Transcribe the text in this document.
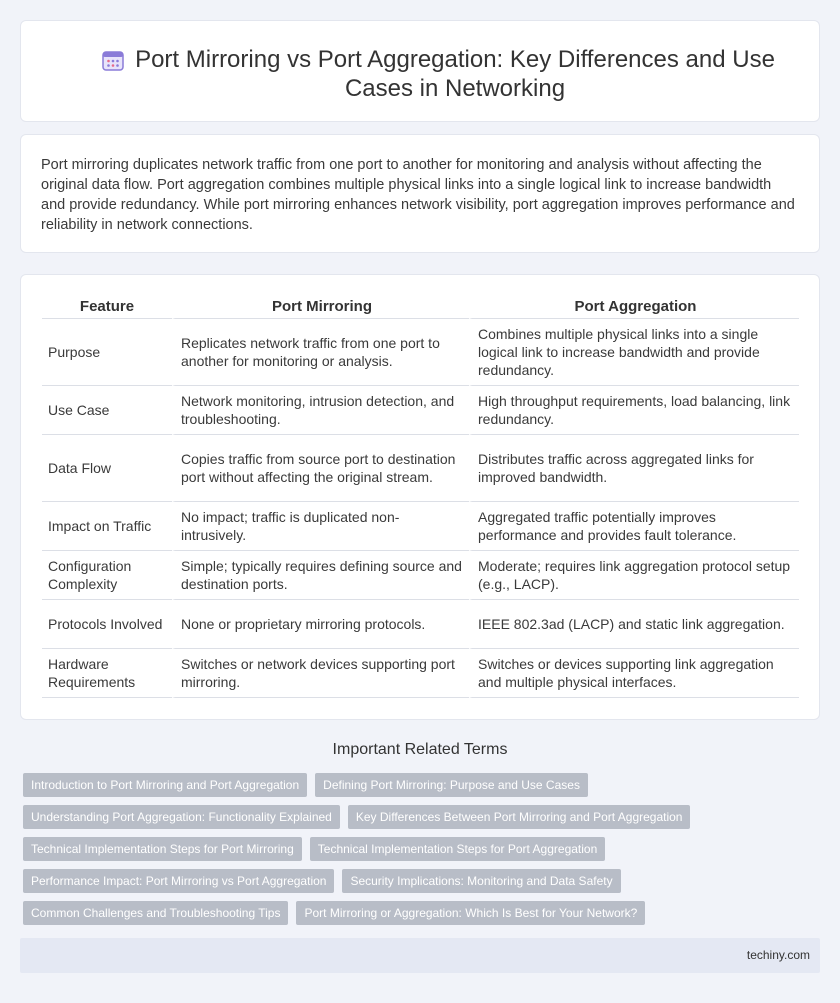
Port Mirroring vs Port Aggregation: Key Differences and Use Cases in Networking

Port mirroring duplicates network traffic from one port to another for monitoring and analysis without affecting the original data flow. Port aggregation combines multiple physical links into a single logical link to increase bandwidth and provide redundancy. While port mirroring enhances network visibility, port aggregation improves performance and reliability in network connections.

Feature	Port Mirroring	Port Aggregation
Purpose	Replicates network traffic from one port to another for monitoring or analysis.	Combines multiple physical links into a single logical link to increase bandwidth and provide redundancy.
Use Case	Network monitoring, intrusion detection, and troubleshooting.	High throughput requirements, load balancing, link redundancy.
Data Flow	Copies traffic from source port to destination port without affecting the original stream.	Distributes traffic across aggregated links for improved bandwidth.
Impact on Traffic	No impact; traffic is duplicated non-intrusively.	Aggregated traffic potentially improves performance and provides fault tolerance.
Configuration Complexity	Simple; typically requires defining source and destination ports.	Moderate; requires link aggregation protocol setup (e.g., LACP).
Protocols Involved	None or proprietary mirroring protocols.	IEEE 802.3ad (LACP) and static link aggregation.
Hardware Requirements	Switches or network devices supporting port mirroring.	Switches or devices supporting link aggregation and multiple physical interfaces.
Important Related Terms
Introduction to Port Mirroring and Port Aggregation	Defining Port Mirroring: Purpose and Use Cases
Understanding Port Aggregation: Functionality Explained	Key Differences Between Port Mirroring and Port Aggregation
Technical Implementation Steps for Port Mirroring	Technical Implementation Steps for Port Aggregation
Performance Impact: Port Mirroring vs Port Aggregation	Security Implications: Monitoring and Data Safety
Common Challenges and Troubleshooting Tips	Port Mirroring or Aggregation: Which Is Best for Your Network?
techiny.com
